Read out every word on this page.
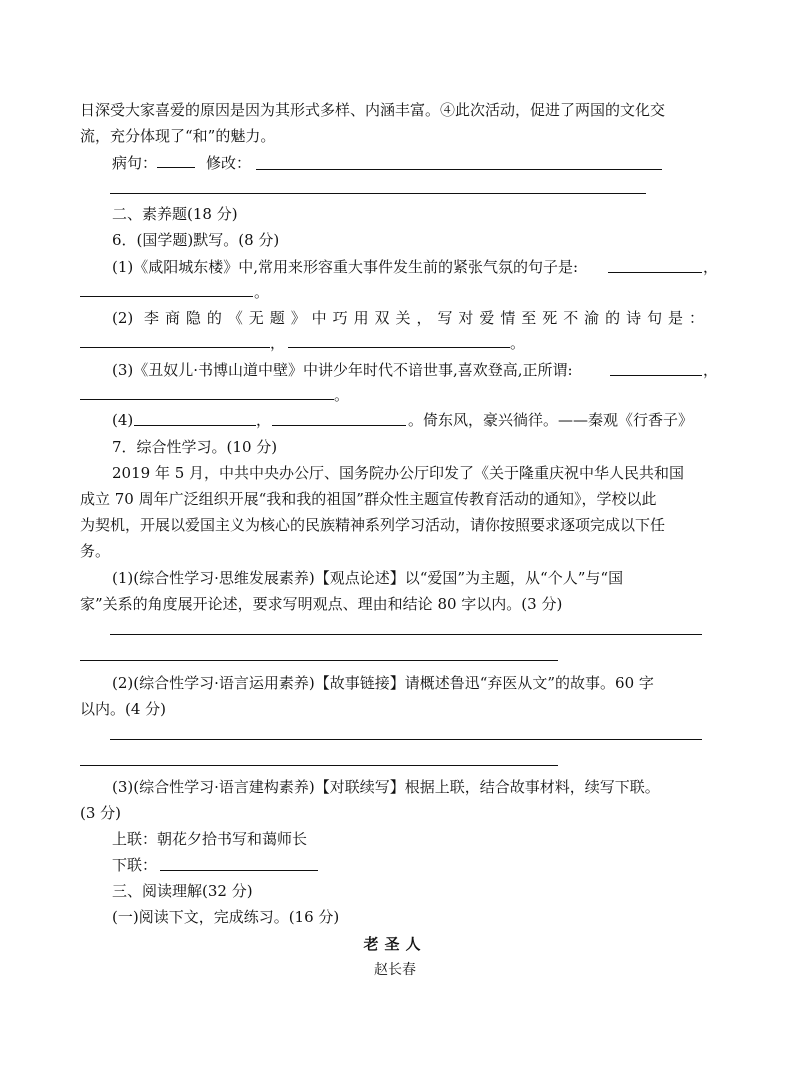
日深受大家喜爱的原因是因为其形式多样、内涵丰富。④此次活动，促进了两国的文化交
流，充分体现了“和”的魅力。
病句：	修改：
二、素养题(18 分)
6．(国学题)默写。(8 分)
(1)《咸阳城东楼》中,常用来形容重大事件发生前的紧张气氛的句子是:	，
。
(2) 李商隐的《无题》中巧用双关，写对爱情至死不渝的诗句是：
，	。
(3)《丑奴儿·书博山道中壁》中讲少年时代不谙世事,喜欢登高,正所谓:	，
。
(4)	，	。倚东风，豪兴徜徉。——秦观《行香子》
7．综合性学习。(10 分)
2019 年 5 月，中共中央办公厅、国务院办公厅印发了《关于隆重庆祝中华人民共和国
成立 70 周年广泛组织开展“我和我的祖国”群众性主题宣传教育活动的通知》，学校以此
为契机，开展以爱国主义为核心的民族精神系列学习活动，请你按照要求逐项完成以下任
务。
(1)(综合性学习·思维发展素养)【观点论述】以“爱国”为主题，从“个人”与“国
家”关系的角度展开论述，要求写明观点、理由和结论 80 字以内。(3 分)
(2)(综合性学习·语言运用素养)【故事链接】请概述鲁迅“弃医从文”的故事。60 字
以内。(4 分)
(3)(综合性学习·语言建构素养)【对联续写】根据上联，结合故事材料，续写下联。
(3 分)
上联：朝花夕拾书写和蔼师长
下联：
三、阅读理解(32 分)
(一)阅读下文，完成练习。(16 分)
老圣人
赵长春
